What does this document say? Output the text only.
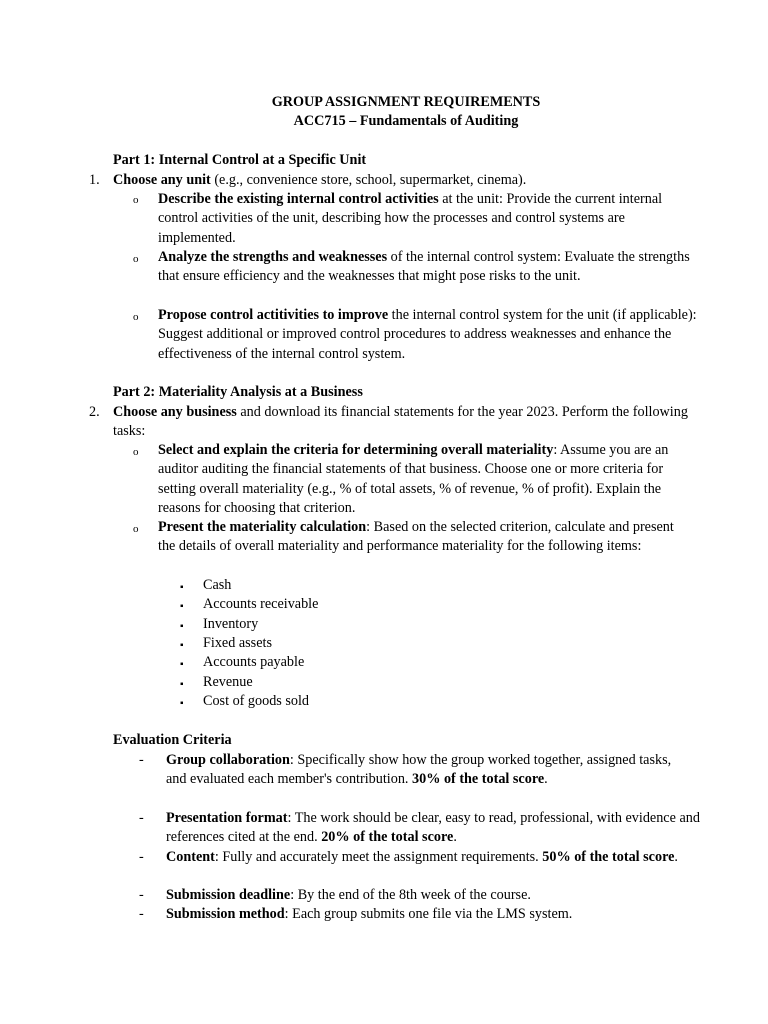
GROUP ASSIGNMENT REQUIREMENTS
ACC715 – Fundamentals of Auditing
Part 1: Internal Control at a Specific Unit
1. Choose any unit (e.g., convenience store, school, supermarket, cinema).
o Describe the existing internal control activities at the unit: Provide the current internal control activities of the unit, describing how the processes and control systems are implemented.
o Analyze the strengths and weaknesses of the internal control system: Evaluate the strengths that ensure efficiency and the weaknesses that might pose risks to the unit.
o Propose control actitivities to improve the internal control system for the unit (if applicable): Suggest additional or improved control procedures to address weaknesses and enhance the effectiveness of the internal control system.
Part 2: Materiality Analysis at a Business
2. Choose any business and download its financial statements for the year 2023. Perform the following tasks:
o Select and explain the criteria for determining overall materiality: Assume you are an auditor auditing the financial statements of that business. Choose one or more criteria for setting overall materiality (e.g., % of total assets, % of revenue, % of profit). Explain the reasons for choosing that criterion.
o Present the materiality calculation: Based on the selected criterion, calculate and present the details of overall materiality and performance materiality for the following items:
▪ Cash
▪ Accounts receivable
▪ Inventory
▪ Fixed assets
▪ Accounts payable
▪ Revenue
▪ Cost of goods sold
Evaluation Criteria
- Group collaboration: Specifically show how the group worked together, assigned tasks, and evaluated each member's contribution. 30% of the total score.
- Presentation format: The work should be clear, easy to read, professional, with evidence and references cited at the end. 20% of the total score.
- Content: Fully and accurately meet the assignment requirements. 50% of the total score.
- Submission deadline: By the end of the 8th week of the course.
- Submission method: Each group submits one file via the LMS system.
